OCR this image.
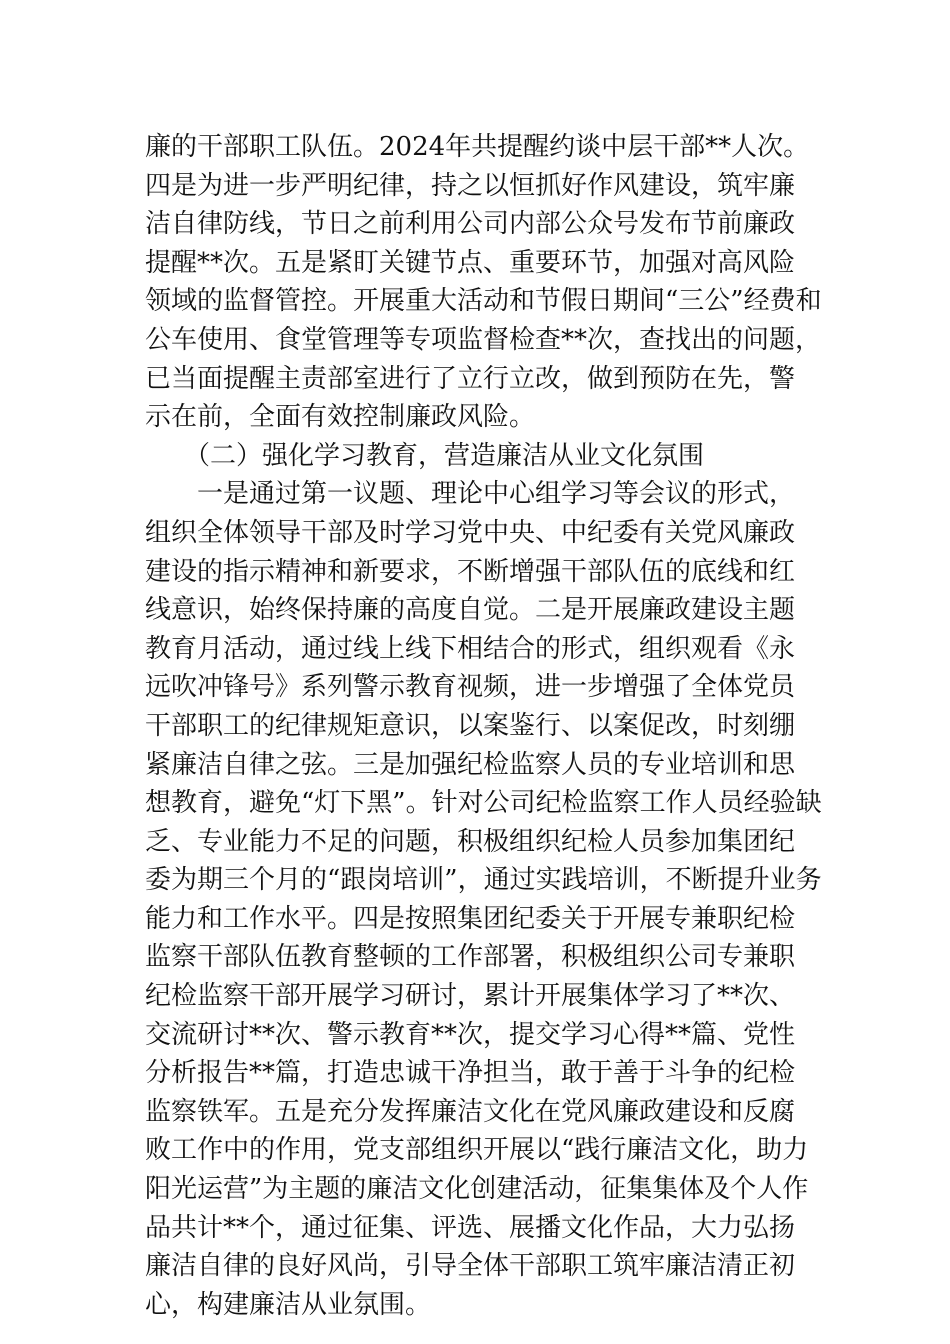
廉的干部职工队伍。2024年共提醒约谈中层干部**人次。
四是为进一步严明纪律，持之以恒抓好作风建设，筑牢廉
洁自律防线，节日之前利用公司内部公众号发布节前廉政
提醒**次。五是紧盯关键节点、重要环节，加强对高风险
领域的监督管控。开展重大活动和节假日期间“三公”经费和
公车使用、食堂管理等专项监督检查**次，查找出的问题，
已当面提醒主责部室进行了立行立改，做到预防在先，警
示在前，全面有效控制廉政风险。
　　（二）强化学习教育，营造廉洁从业文化氛围
　　一是通过第一议题、理论中心组学习等会议的形式，
组织全体领导干部及时学习党中央、中纪委有关党风廉政
建设的指示精神和新要求，不断增强干部队伍的底线和红
线意识，始终保持廉的高度自觉。二是开展廉政建设主题
教育月活动，通过线上线下相结合的形式，组织观看《永
远吹冲锋号》系列警示教育视频，进一步增强了全体党员
干部职工的纪律规矩意识，以案鉴行、以案促改，时刻绷
紧廉洁自律之弦。三是加强纪检监察人员的专业培训和思
想教育，避免“灯下黑”。针对公司纪检监察工作人员经验缺
乏、专业能力不足的问题，积极组织纪检人员参加集团纪
委为期三个月的“跟岗培训”，通过实践培训，不断提升业务
能力和工作水平。四是按照集团纪委关于开展专兼职纪检
监察干部队伍教育整顿的工作部署，积极组织公司专兼职
纪检监察干部开展学习研讨，累计开展集体学习了**次、
交流研讨**次、警示教育**次，提交学习心得**篇、党性
分析报告**篇，打造忠诚干净担当，敢于善于斗争的纪检
监察铁军。五是充分发挥廉洁文化在党风廉政建设和反腐
败工作中的作用，党支部组织开展以“践行廉洁文化，助力
阳光运营”为主题的廉洁文化创建活动，征集集体及个人作
品共计**个，通过征集、评选、展播文化作品，大力弘扬
廉洁自律的良好风尚，引导全体干部职工筑牢廉洁清正初
心，构建廉洁从业氛围。
